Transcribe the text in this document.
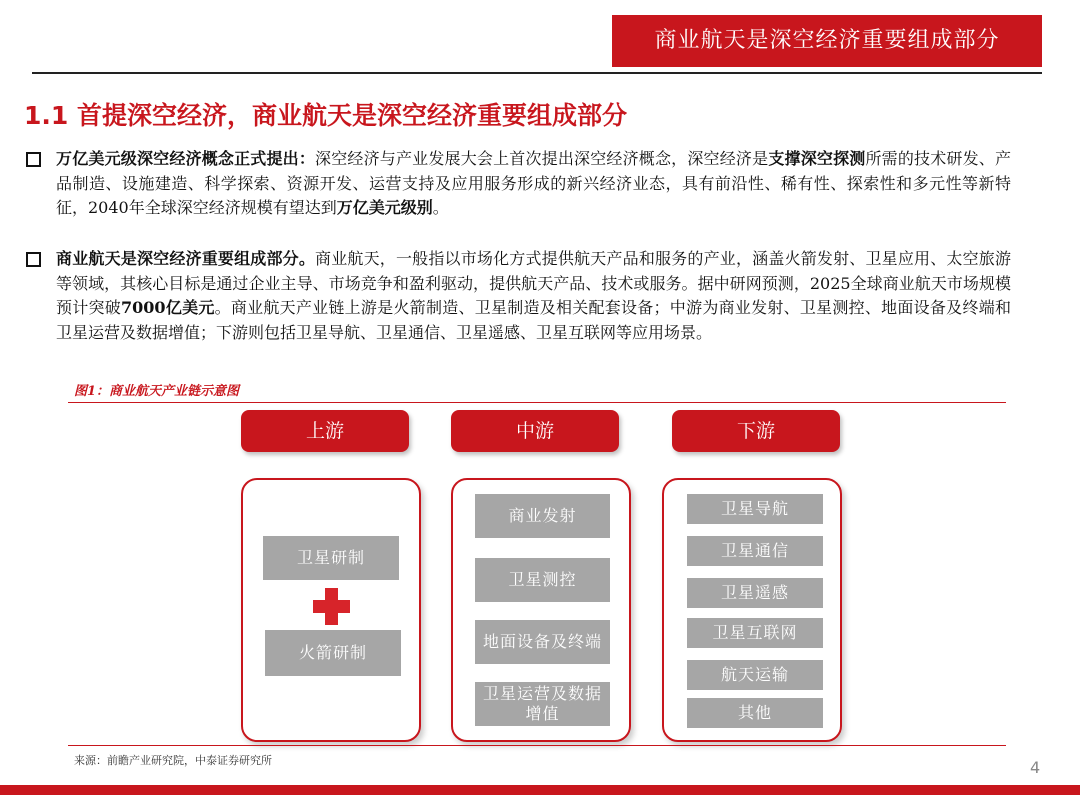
商业航天是深空经济重要组成部分
1.1 首提深空经济，商业航天是深空经济重要组成部分
万亿美元级深空经济概念正式提出：深空经济与产业发展大会上首次提出深空经济概念，深空经济是支撑深空探测所需的技术研发、产品制造、设施建造、科学探索、资源开发、运营支持及应用服务形成的新兴经济业态，具有前沿性、稀有性、探索性和多元性等新特征，2040年全球深空经济规模有望达到万亿美元级别。
商业航天是深空经济重要组成部分。商业航天，一般指以市场化方式提供航天产品和服务的产业，涵盖火箭发射、卫星应用、太空旅游等领域，其核心目标是通过企业主导、市场竞争和盈利驱动，提供航天产品、技术或服务。据中研网预测，2025全球商业航天市场规模预计突破7000亿美元。商业航天产业链上游是火箭制造、卫星制造及相关配套设备；中游为商业发射、卫星测控、地面设备及终端和卫星运营及数据增值；下游则包括卫星导航、卫星通信、卫星遥感、卫星互联网等应用场景。
图1：商业航天产业链示意图
上游	中游	下游
卫星研制
火箭研制
商业发射
卫星测控
地面设备及终端
卫星运营及数据增值
卫星导航
卫星通信
卫星遥感
卫星互联网
航天运输
其他
来源：前瞻产业研究院，中泰证券研究所	4
